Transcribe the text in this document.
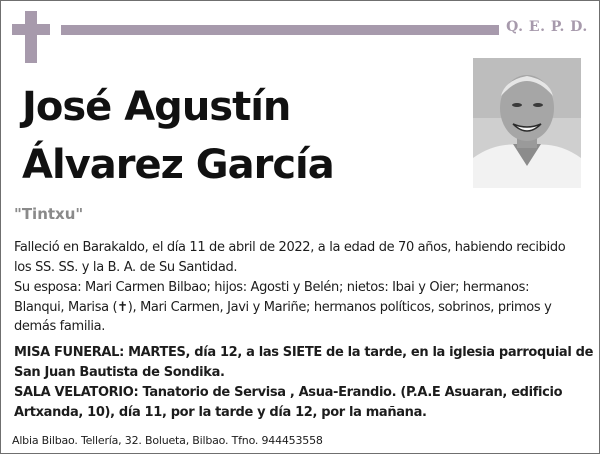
Q. E. P. D.
José Agustín
Álvarez García
"Tintxu"
Falleció en Barakaldo, el día 11 de abril de 2022, a la edad de 70 años, habiendo recibido
los SS. SS. y la B. A. de Su Santidad.
Su esposa: Mari Carmen Bilbao; hijos: Agosti y Belén; nietos: Ibai y Oier; hermanos:
Blanqui, Marisa (✝), Mari Carmen, Javi y Mariñe; hermanos políticos, sobrinos, primos y
demás familia.
MISA FUNERAL: MARTES, día 12, a las SIETE de la tarde, en la iglesia parroquial de
San Juan Bautista de Sondika.
SALA VELATORIO: Tanatorio de Servisa , Asua-Erandio. (P.A.E Asuaran, edificio
Artxanda, 10), día 11, por la tarde y día 12, por la mañana.
Albia Bilbao. Tellería, 32. Bolueta, Bilbao. Tfno. 944453558
